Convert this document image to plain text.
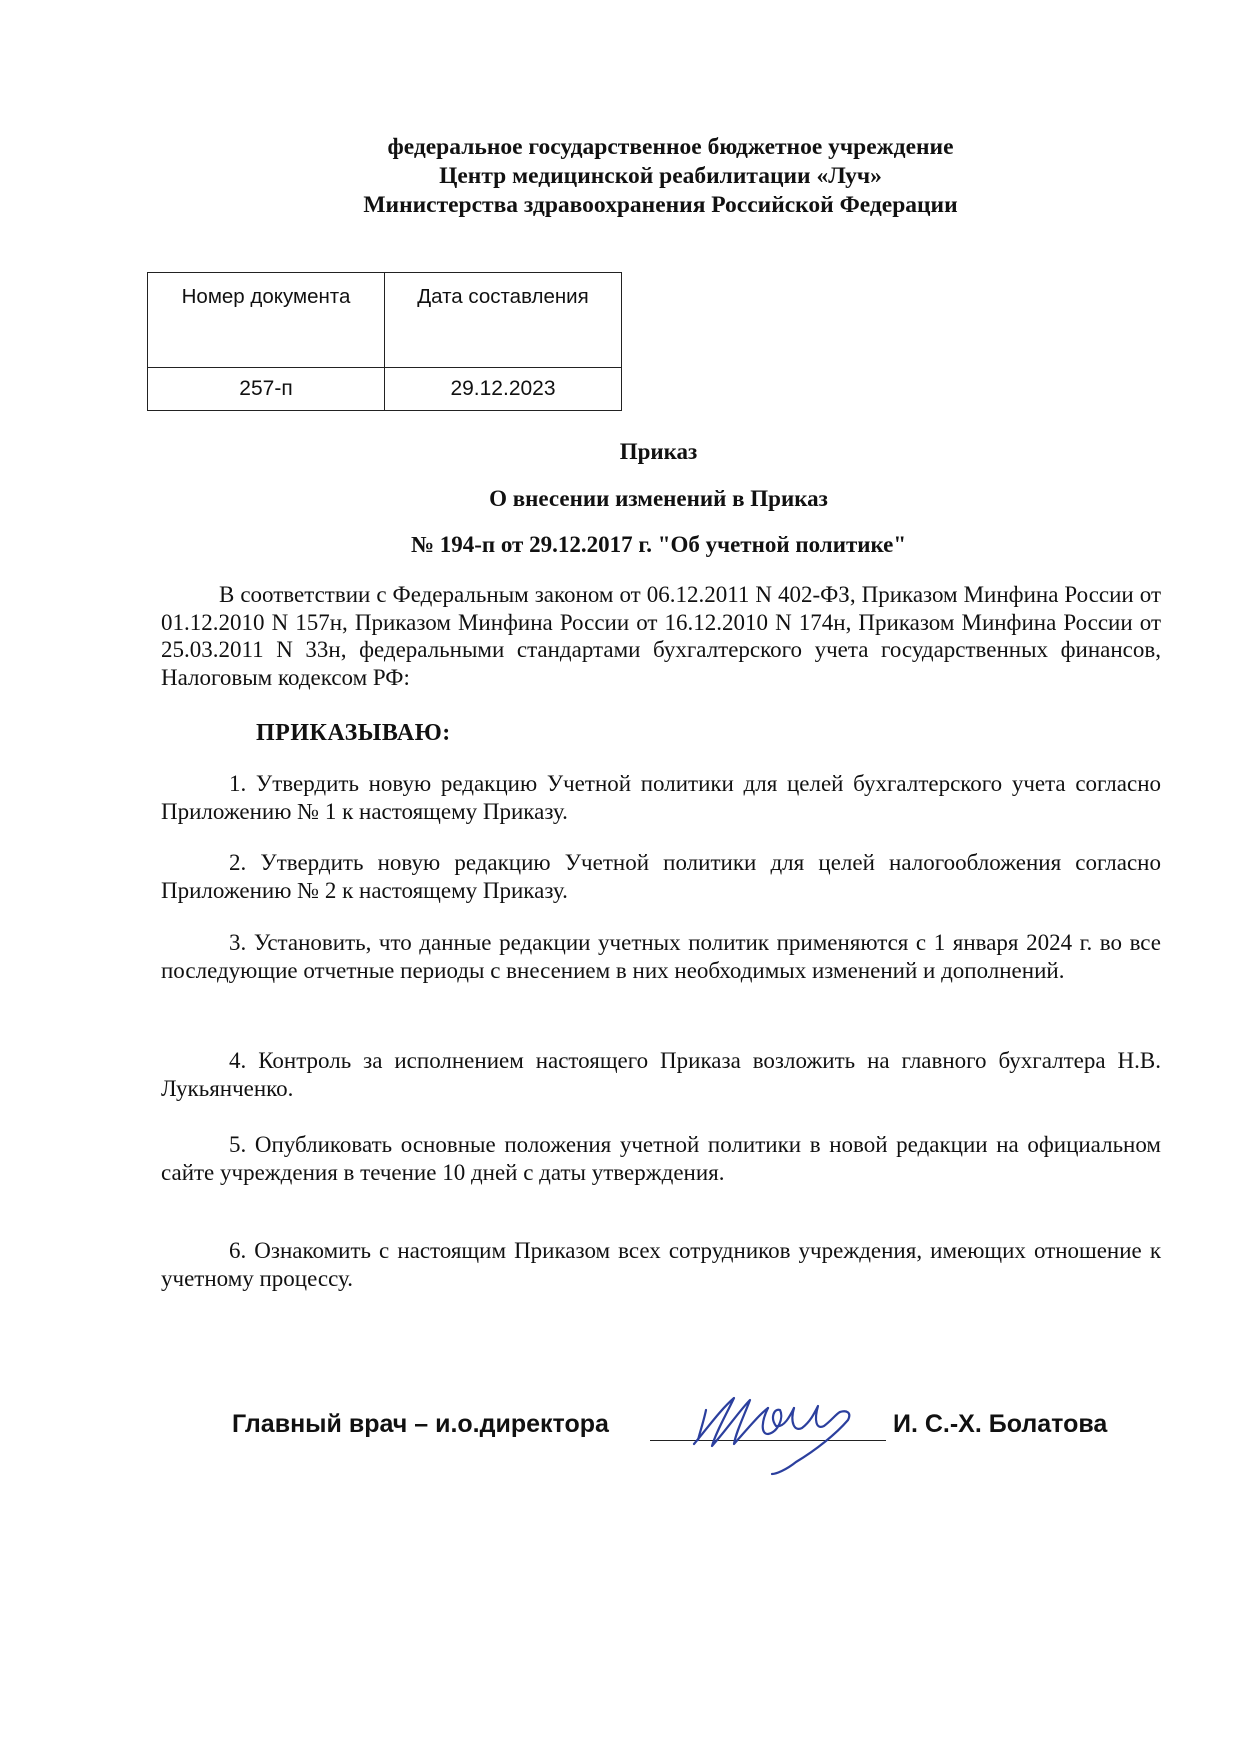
федеральное государственное бюджетное учреждение
Центр медицинской реабилитации «Луч»
Министерства здравоохранения Российской Федерации
Номер документа	Дата составления
257-п	29.12.2023
Приказ
О внесении изменений в Приказ
№ 194-п от 29.12.2017 г. "Об учетной политике"
В соответствии с Федеральным законом от 06.12.2011 N 402-ФЗ, Приказом Минфина России от 01.12.2010 N 157н, Приказом Минфина России от 16.12.2010 N 174н, Приказом Минфина России от 25.03.2011 N 33н, федеральными стандартами бухгалтерского учета государственных финансов, Налоговым кодексом РФ:
ПРИКАЗЫВАЮ:
1. Утвердить новую редакцию Учетной политики для целей бухгалтерского учета согласно Приложению № 1 к настоящему Приказу.
2. Утвердить новую редакцию Учетной политики для целей налогообложения согласно Приложению № 2 к настоящему Приказу.
3. Установить, что данные редакции учетных политик применяются с 1 января 2024 г. во все последующие отчетные периоды с внесением в них необходимых изменений и дополнений.
4. Контроль за исполнением настоящего Приказа возложить на главного бухгалтера Н.В. Лукьянченко.
5. Опубликовать основные положения учетной политики в новой редакции на официальном сайте учреждения в течение 10 дней с даты утверждения.
6. Ознакомить с настоящим Приказом всех сотрудников учреждения, имеющих отношение к учетному процессу.
Главный врач – и.о.директора	И. С.-Х. Болатова
